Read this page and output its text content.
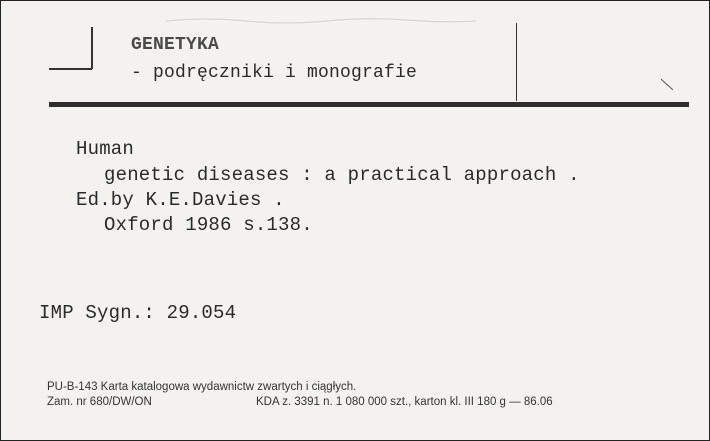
GENETYKA
- podręczniki i monografie
Human
genetic diseases : a practical approach .
Ed.by K.E.Davies .
Oxford 1986 s.138.
IMP Sygn.: 29.054
PU-B-143 Karta katalogowa wydawnictw zwartych i ciągłych.
Zam. nr 680/DW/ON	KDA z. 3391 n. 1 080 000 szt., karton kl. III 180 g — 86.06
